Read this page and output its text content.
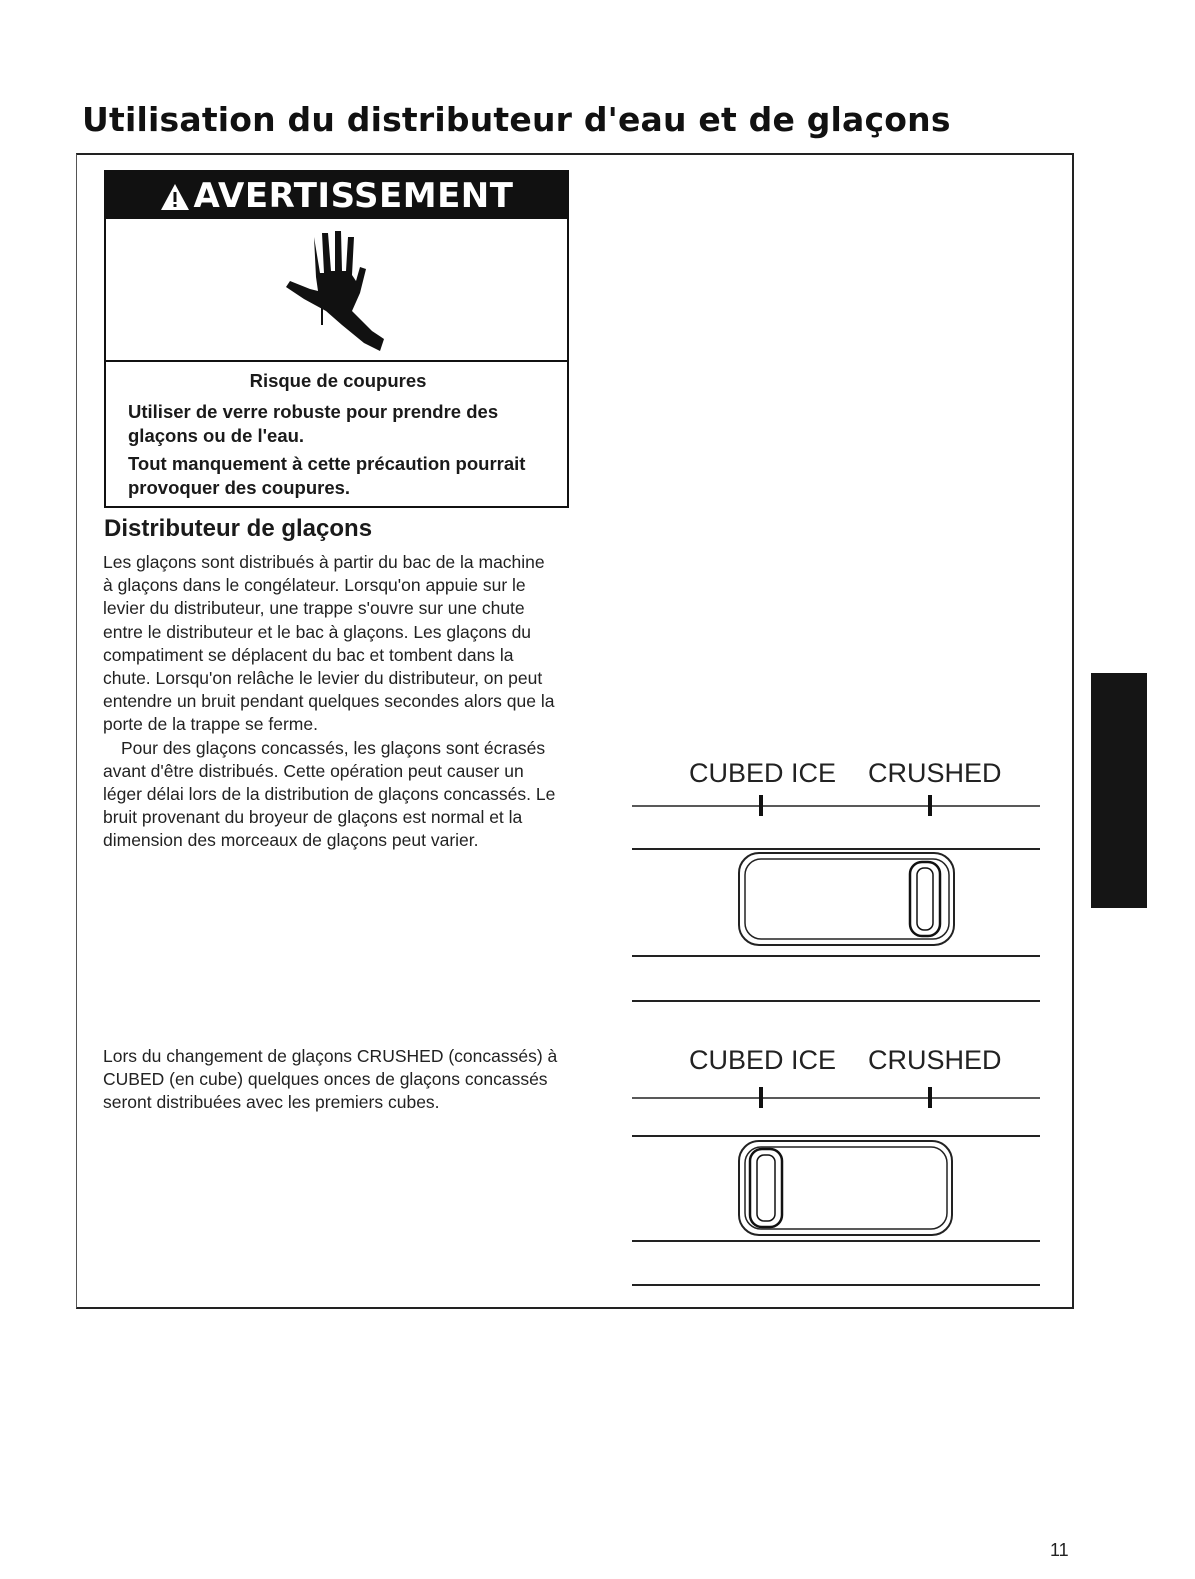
Utilisation du distributeur d'eau et de glaçons
AVERTISSEMENT

Risque de coupures

Utiliser de verre robuste pour prendre des glaçons ou de l'eau.

Tout manquement à cette précaution pourrait provoquer des coupures.

Distributeur de glaçons

Les glaçons sont distribués à partir du bac de la machine à glaçons dans le congélateur. Lorsqu'on appuie sur le levier du distributeur, une trappe s'ouvre sur une chute entre le distributeur et le bac à glaçons. Les glaçons du compatiment se déplacent du bac et tombent dans la chute. Lorsqu'on relâche le levier du distributeur, on peut entendre un bruit pendant quelques secondes alors que la porte de la trappe se ferme.

Pour des glaçons concassés, les glaçons sont écrasés avant d'être distribués. Cette opération peut causer un léger délai lors de la distribution de glaçons concassés. Le bruit provenant du broyeur de glaçons est normal et la dimension des morceaux de glaçons peut varier.

Lors du changement de glaçons CRUSHED (concassés) à CUBED (en cube) quelques onces de glaçons concassés seront distribuées avec les premiers cubes.

CUBED ICE CRUSHED
CUBED ICE CRUSHED
11
